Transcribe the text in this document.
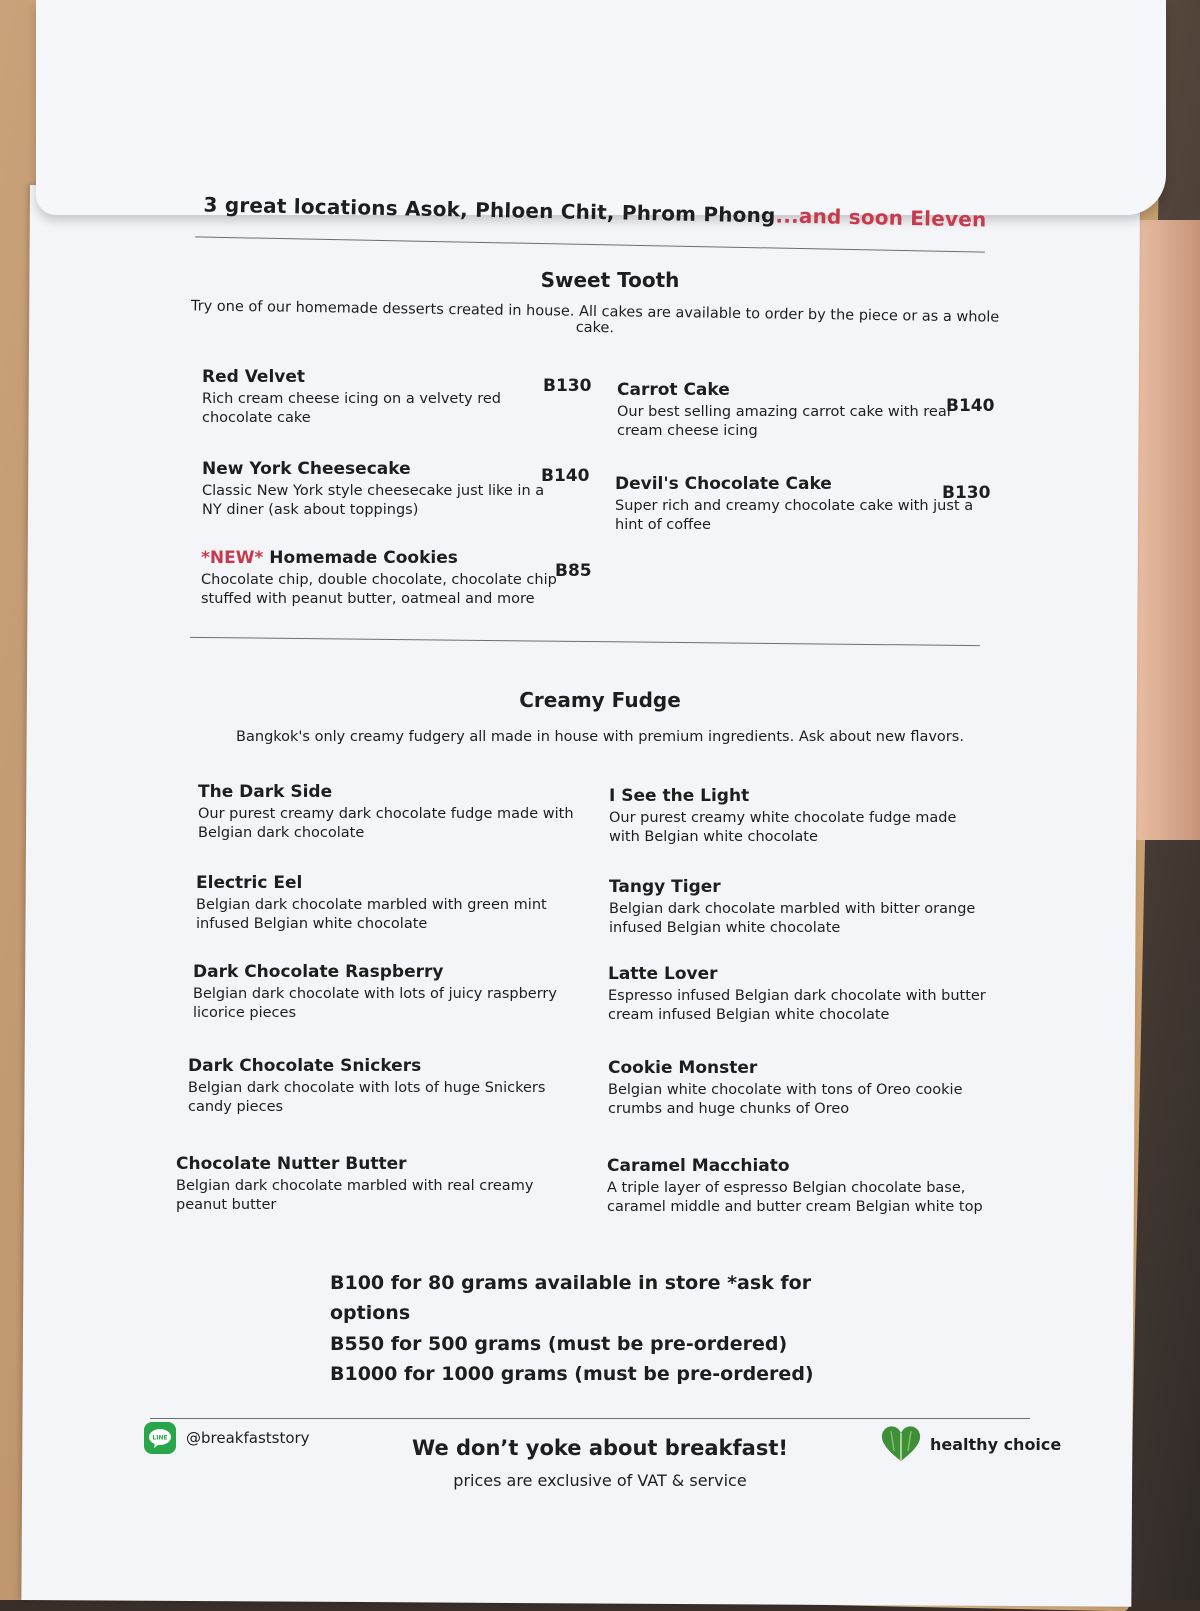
3 great locations Asok, Phloen Chit, Phrom Phong...and soon Eleven
Sweet Tooth
Try one of our homemade desserts created in house. All cakes are available to order by the piece or as a whole cake.
Red Velvet
Rich cream cheese icing on a velvety red chocolate cake
B130 Carrot Cake
Our best selling amazing carrot cake with real cream cheese icing
B140
New York Cheesecake
Classic New York style cheesecake just like in a NY diner (ask about toppings)
B140 Devil's Chocolate Cake
Super rich and creamy chocolate cake with just a hint of coffee
B130
*NEW* Homemade Cookies
Chocolate chip, double chocolate, chocolate chip stuffed with peanut butter, oatmeal and more
B85
Creamy Fudge
Bangkok's only creamy fudgery all made in house with premium ingredients. Ask about new flavors.
The Dark Side
Our purest creamy dark chocolate fudge made with Belgian dark chocolate
I See the Light
Our purest creamy white chocolate fudge made with Belgian white chocolate
Electric Eel
Belgian dark chocolate marbled with green mint infused Belgian white chocolate
Tangy Tiger
Belgian dark chocolate marbled with bitter orange infused Belgian white chocolate
Dark Chocolate Raspberry
Belgian dark chocolate with lots of juicy raspberry licorice pieces
Latte Lover
Espresso infused Belgian dark chocolate with butter cream infused Belgian white chocolate
Dark Chocolate Snickers
Belgian dark chocolate with lots of huge Snickers candy pieces
Cookie Monster
Belgian white chocolate with tons of Oreo cookie crumbs and huge chunks of Oreo
Chocolate Nutter Butter
Belgian dark chocolate marbled with real creamy peanut butter
Caramel Macchiato
A triple layer of espresso Belgian chocolate base, caramel middle and butter cream Belgian white top
B100 for 80 grams available in store *ask for options
B550 for 500 grams (must be pre-ordered)
B1000 for 1000 grams (must be pre-ordered)
LINE @breakfaststory	We don’t yoke about breakfast!
prices are exclusive of VAT & service
healthy choice
